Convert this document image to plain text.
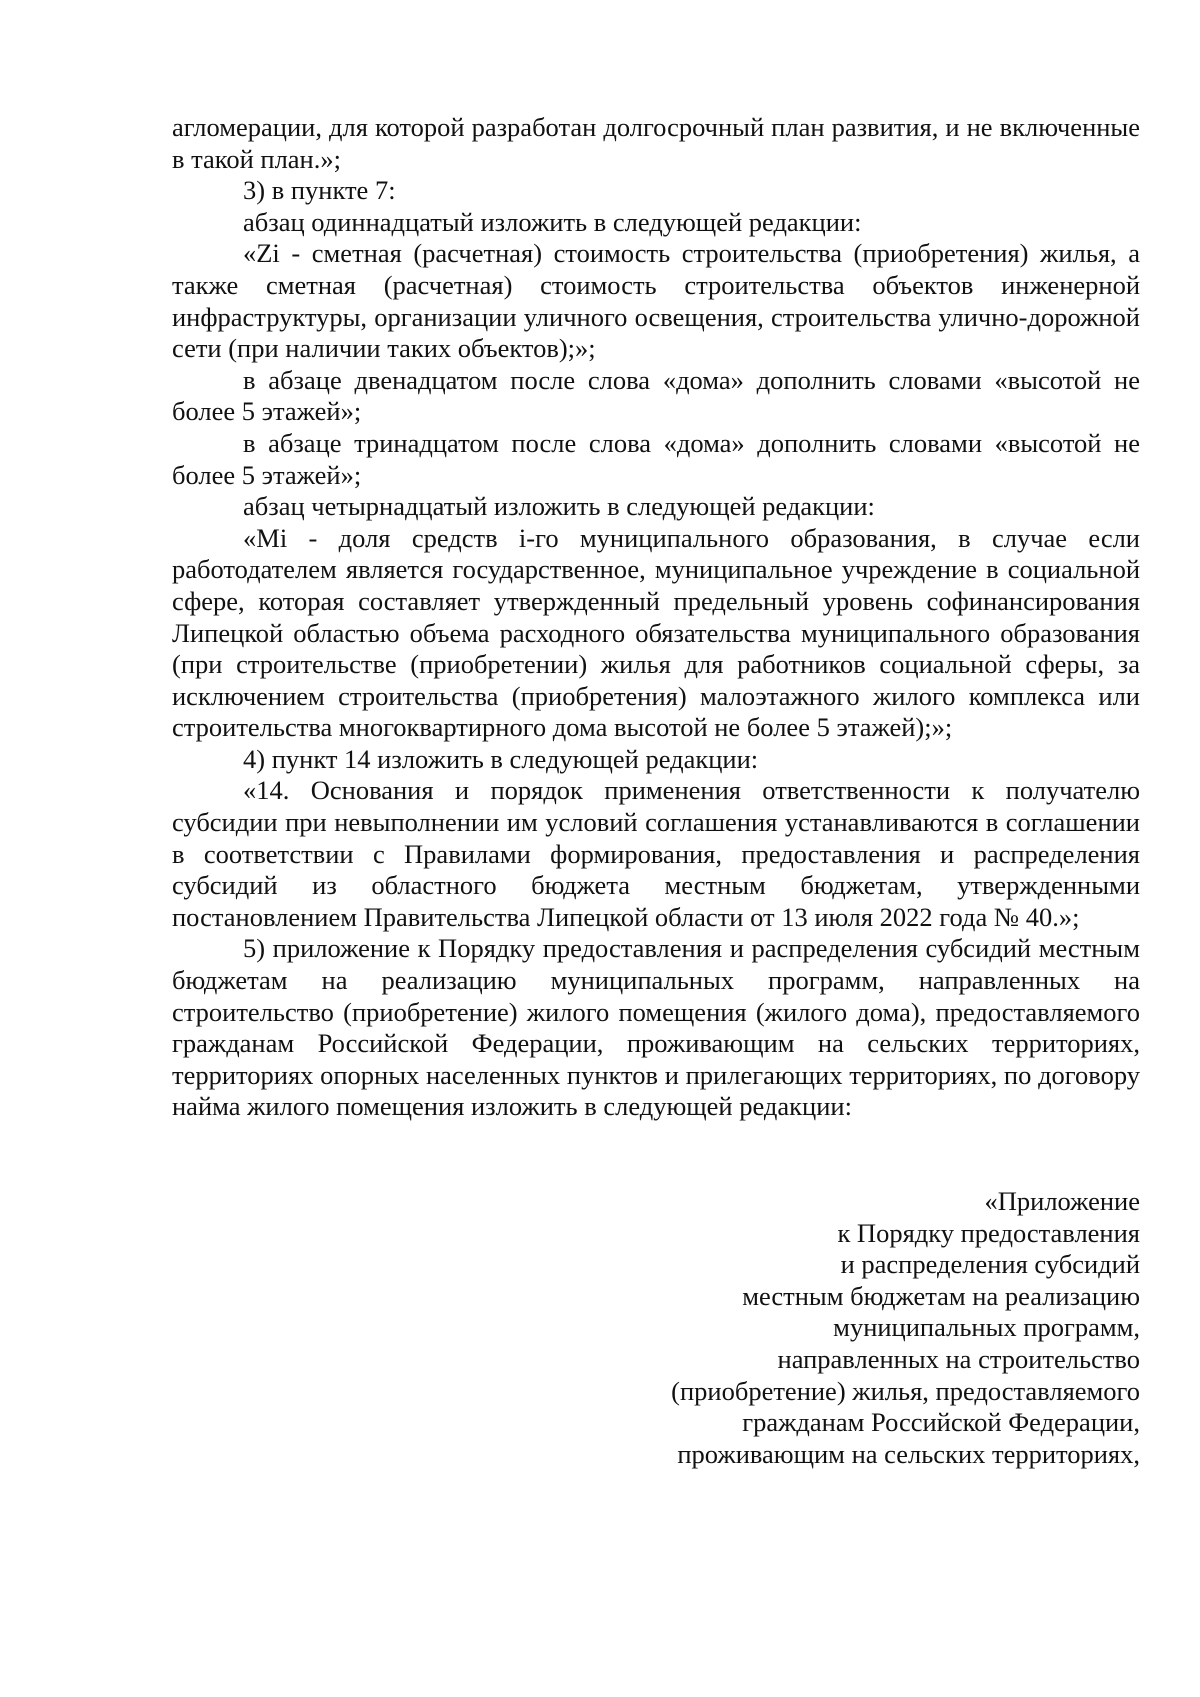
агломерации, для которой разработан долгосрочный план развития, и не включенные в такой план.»;

3) в пункте 7:

абзац одиннадцатый изложить в следующей редакции:

«Zi - сметная (расчетная) стоимость строительства (приобретения) жилья, а также сметная (расчетная) стоимость строительства объектов инженерной инфраструктуры, организации уличного освещения, строительства улично-дорожной сети (при наличии таких объектов);»;

в абзаце двенадцатом после слова «дома» дополнить словами «высотой не более 5 этажей»;

в абзаце тринадцатом после слова «дома» дополнить словами «высотой не более 5 этажей»;

абзац четырнадцатый изложить в следующей редакции:

«Mi - доля средств i-го муниципального образования, в случае если работодателем является государственное, муниципальное учреждение в социальной сфере, которая составляет утвержденный предельный уровень софинансирования Липецкой областью объема расходного обязательства муниципального образования (при строительстве (приобретении) жилья для работников социальной сферы, за исключением строительства (приобретения) малоэтажного жилого комплекса или строительства многоквартирного дома высотой не более 5 этажей);»;

4) пункт 14 изложить в следующей редакции:

«14. Основания и порядок применения ответственности к получателю субсидии при невыполнении им условий соглашения устанавливаются в соглашении в соответствии с Правилами формирования, предоставления и распределения субсидий из областного бюджета местным бюджетам, утвержденными постановлением Правительства Липецкой области от 13 июля 2022 года № 40.»;

5) приложение к Порядку предоставления и распределения субсидий местным бюджетам на реализацию муниципальных программ, направленных на строительство (приобретение) жилого помещения (жилого дома), предоставляемого гражданам Российской Федерации, проживающим на сельских территориях, территориях опорных населенных пунктов и прилегающих территориях, по договору найма жилого помещения изложить в следующей редакции:

«Приложение
к Порядку предоставления
и распределения субсидий
местным бюджетам на реализацию
муниципальных программ,
направленных на строительство
(приобретение) жилья, предоставляемого
гражданам Российской Федерации,
проживающим на сельских территориях,
